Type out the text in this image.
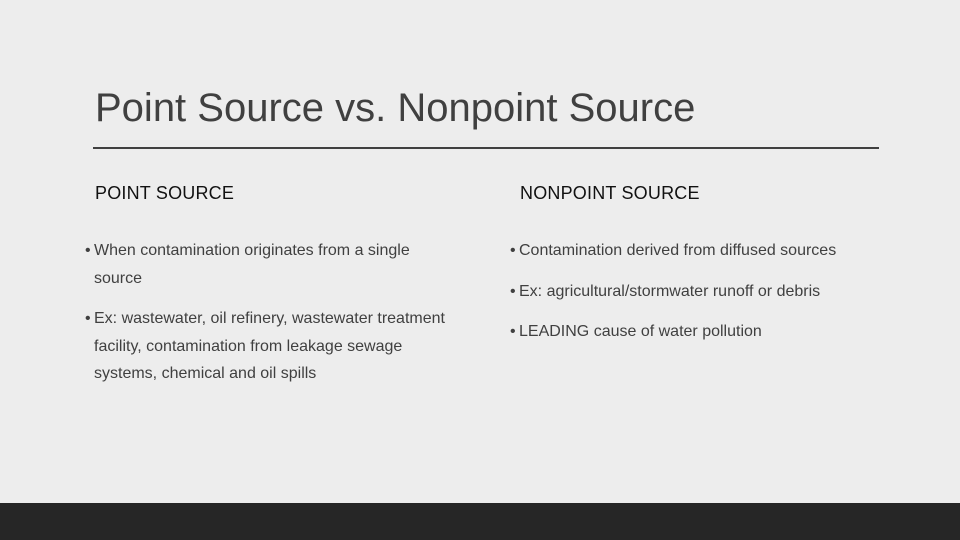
Point Source vs. Nonpoint Source
POINT SOURCE
• When contamination originates from a single source
• Ex: wastewater, oil refinery, wastewater treatment facility, contamination from leakage sewage systems, chemical and oil spills
NONPOINT SOURCE
• Contamination derived from diffused sources
• Ex: agricultural/stormwater runoff or debris
• LEADING cause of water pollution
